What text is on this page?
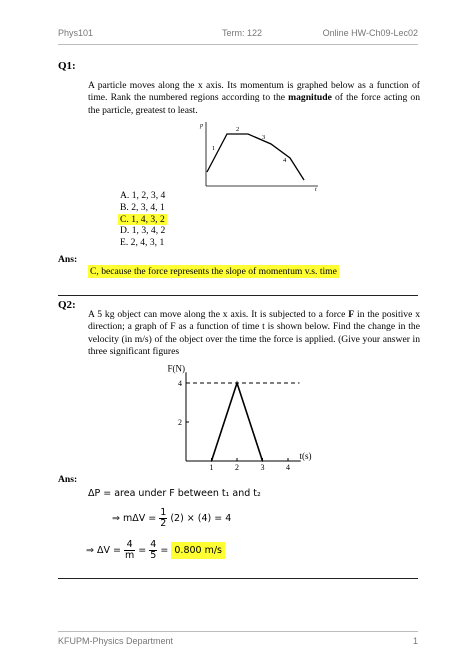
Phys101	Term: 122	Online HW-Ch09-Lec02
Q1:
A particle moves along the x axis. Its momentum is graphed below as a function of time. Rank the numbered regions according to the magnitude of the force acting on the particle, greatest to least.
p
t
1
2
3
4
A. 1, 2, 3, 4
B. 2, 3, 4, 1
C. 1, 4, 3, 2
D. 1, 3, 4, 2
E. 2, 4, 3, 1
Ans:
C, because the force represents the slope of momentum v.s. time
Q2:
A 5 kg object can move along the x axis. It is subjected to a force F in the positive x direction; a graph of F as a function of time t is shown below. Find the change in the velocity (in m/s) of the object over the time the force is applied. (Give your answer in three significant figures
1	2	3	4
2
4
F(N)
t(s)
Ans:
ΔP = area under F between t₁ and t₂
⇒ $m\Delta V = \frac{1}{2} (2) \times (4) = 4$
⇒ $\Delta V = \frac{4}{m} = \frac{4}{5} = 0.800$ m/s
KFUPM-Physics Department	1
